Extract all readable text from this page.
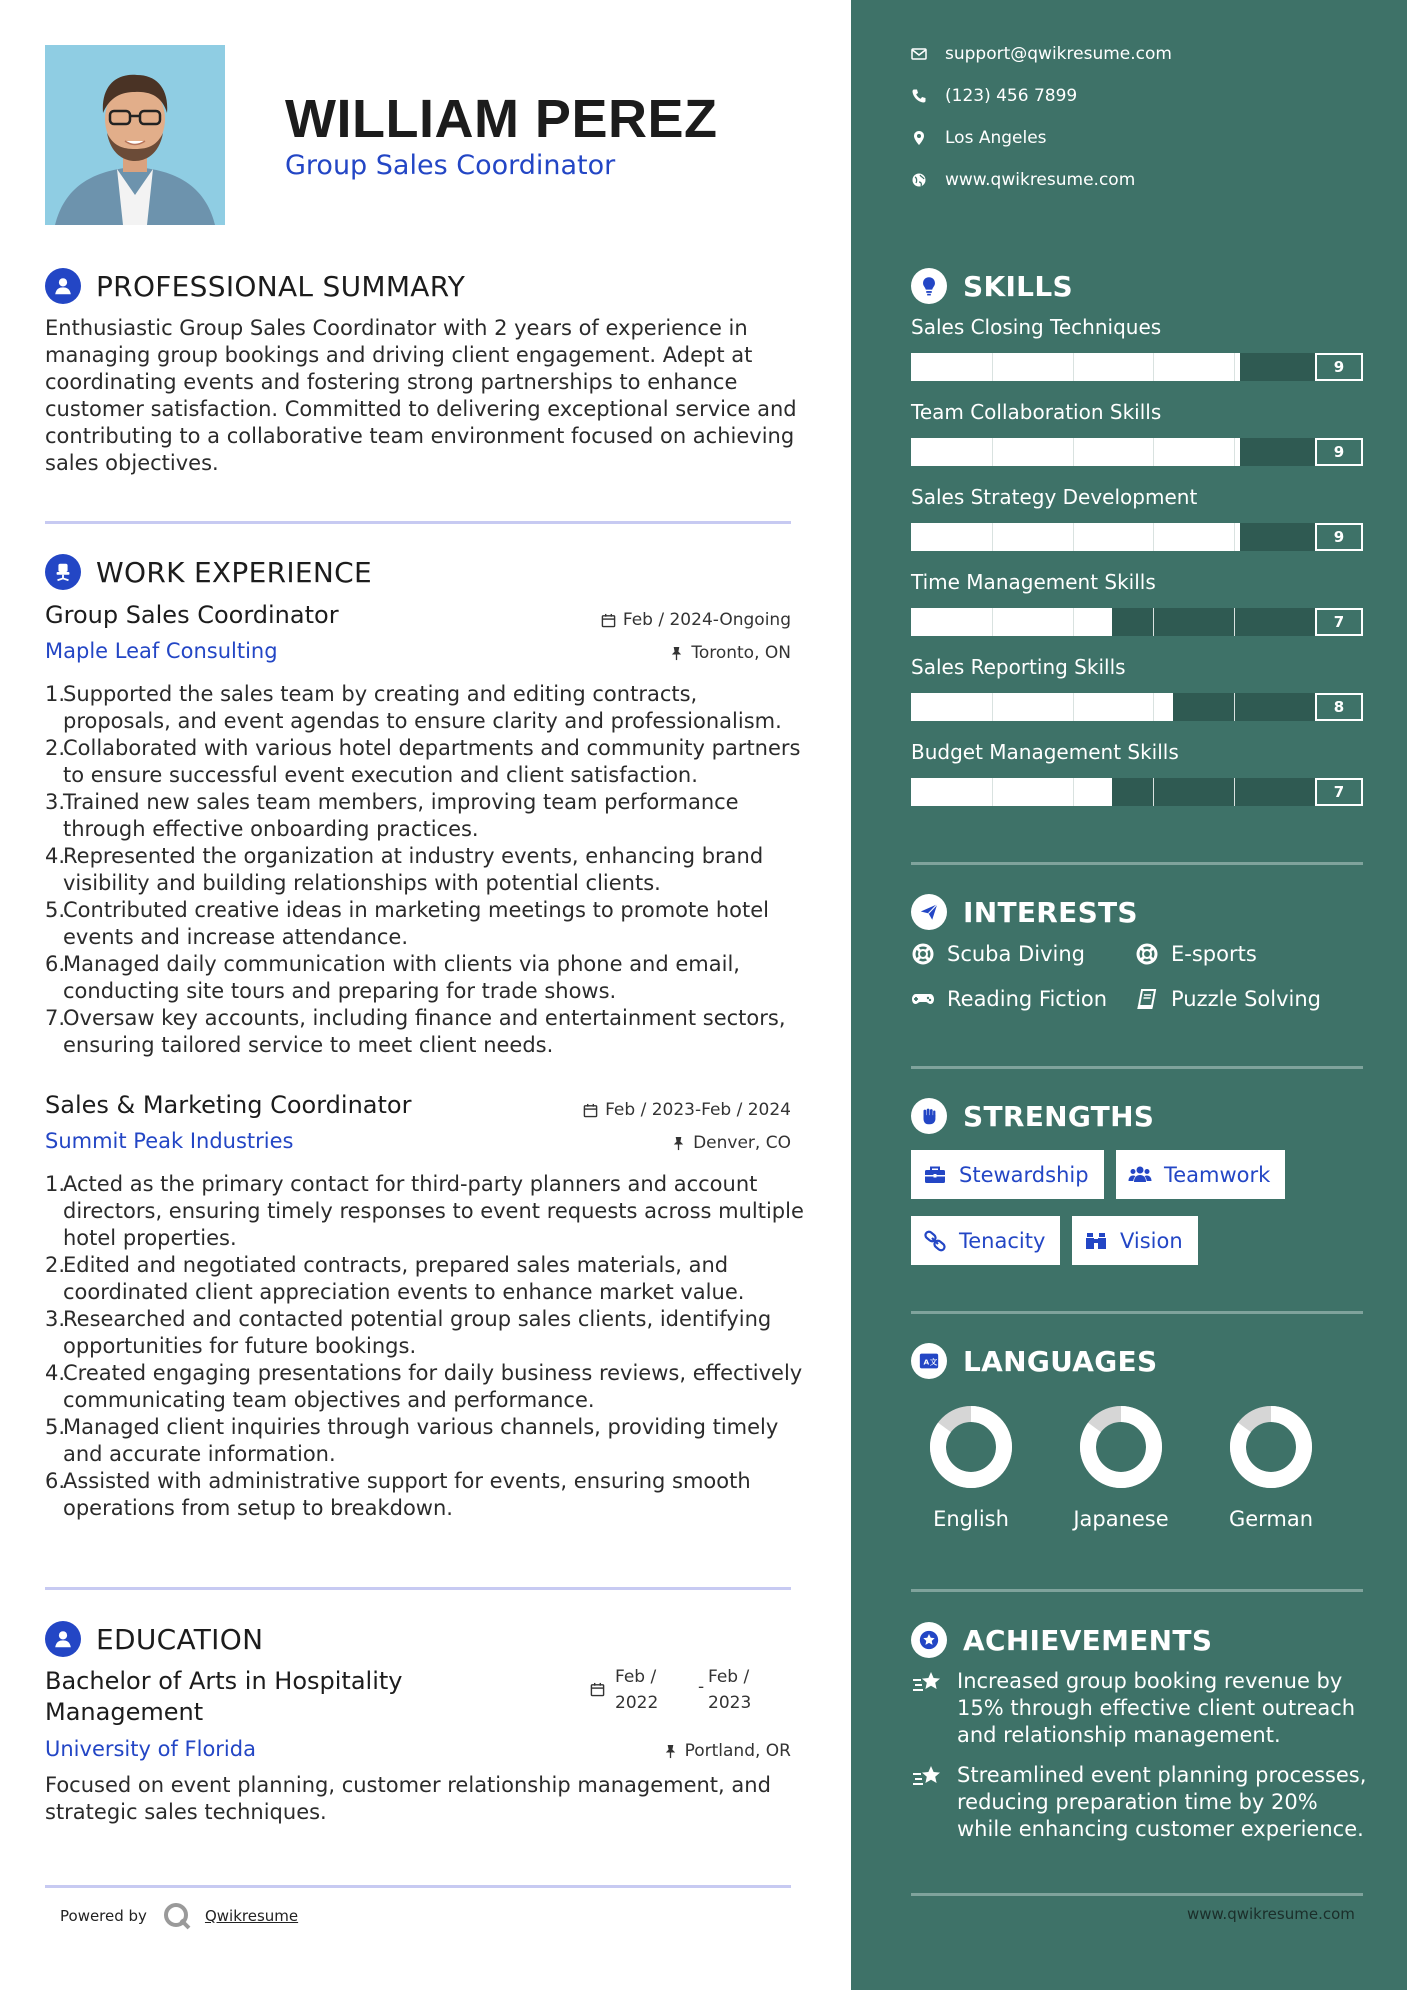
WILLIAM PEREZ
Group Sales Coordinator
PROFESSIONAL SUMMARY
Enthusiastic Group Sales Coordinator with 2 years of experience in managing group bookings and driving client engagement. Adept at coordinating events and fostering strong partnerships to enhance customer satisfaction. Committed to delivering exceptional service and contributing to a collaborative team environment focused on achieving sales objectives.
WORK EXPERIENCE
Group Sales Coordinator	Feb / 2024-Ongoing
Maple Leaf Consulting	Toronto, ON
1.
Supported the sales team by creating and editing contracts, proposals, and event agendas to ensure clarity and professionalism.
2.
Collaborated with various hotel departments and community partners to ensure successful event execution and client satisfaction.
3.
Trained new sales team members, improving team performance through effective onboarding practices.
4.
Represented the organization at industry events, enhancing brand visibility and building relationships with potential clients.
5.
Contributed creative ideas in marketing meetings to promote hotel events and increase attendance.
6.
Managed daily communication with clients via phone and email, conducting site tours and preparing for trade shows.
7.
Oversaw key accounts, including finance and entertainment sectors, ensuring tailored service to meet client needs.
Sales & Marketing Coordinator	Feb / 2023-Feb / 2024
Summit Peak Industries	Denver, CO
1.
Acted as the primary contact for third-party planners and account directors, ensuring timely responses to event requests across multiple hotel properties.
2.
Edited and negotiated contracts, prepared sales materials, and coordinated client appreciation events to enhance market value.
3.
Researched and contacted potential group sales clients, identifying opportunities for future bookings.
4.
Created engaging presentations for daily business reviews, effectively communicating team objectives and performance.
5.
Managed client inquiries through various channels, providing timely and accurate information.
6.
Assisted with administrative support for events, ensuring smooth operations from setup to breakdown.
EDUCATION
Bachelor of Arts in Hospitality Management
Feb / 2022
- Feb / 2023
University of Florida	Portland, OR
Focused on event planning, customer relationship management, and strategic sales techniques.
Powered by	Qwikresume
support@qwikresume.com
(123) 456 7899
Los Angeles
www.qwikresume.com
SKILLS
Sales Closing Techniques
9
Team Collaboration Skills
9
Sales Strategy Development
9
Time Management Skills
7
Sales Reporting Skills
8
Budget Management Skills
7
INTERESTS
Scuba Diving	E-sports
Reading Fiction	Puzzle Solving
STRENGTHS
Stewardship	Teamwork
Tenacity	Vision
A 文 LANGUAGES
English	Japanese	German
ACHIEVEMENTS
Increased group booking revenue by 15% through effective client outreach and relationship management.
Streamlined event planning processes, reducing preparation time by 20% while enhancing customer experience.
www.qwikresume.com
